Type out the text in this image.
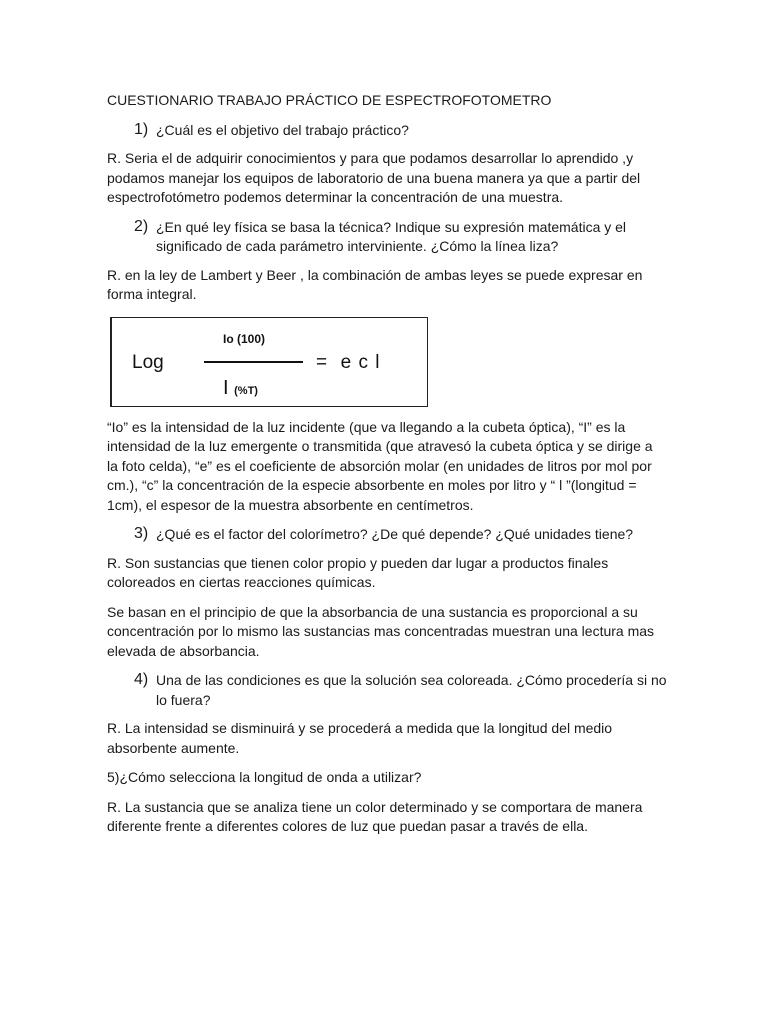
CUESTIONARIO TRABAJO PRÁCTICO DE ESPECTROFOTOMETRO

1) ¿Cuál es el objetivo del trabajo práctico?

R. Seria el de adquirir conocimientos y para que podamos desarrollar lo aprendido ,y podamos manejar los equipos de laboratorio de una buena manera ya que a partir del espectrofotómetro podemos determinar la concentración de una muestra.

2) ¿En qué ley física se basa la técnica? Indique su expresión matemática y el significado de cada parámetro interviniente. ¿Cómo la línea liza?

R. en la ley de Lambert y Beer , la combinación de ambas leyes se puede expresar en forma integral.

Log
Io (100)
I (%T)
=  e c l

“Io” es la intensidad de la luz incidente (que va llegando a la cubeta óptica), “I” es la intensidad de la luz emergente o transmitida (que atravesó la cubeta óptica y se dirige a la foto celda), “e” es el coeficiente de absorción molar (en unidades de litros por mol por cm.), “c” la concentración de la especie absorbente en moles por litro y “ l ”(longitud = 1cm), el espesor de la muestra absorbente en centímetros.

3) ¿Qué es el factor del colorímetro? ¿De qué depende? ¿Qué unidades tiene?

R. Son sustancias que tienen color propio y pueden dar lugar a productos finales coloreados en ciertas reacciones químicas.

Se basan en el principio de que la absorbancia de una sustancia es proporcional a su concentración por lo mismo las sustancias mas concentradas muestran una lectura mas elevada de absorbancia.

4) Una de las condiciones es que la solución sea coloreada. ¿Cómo procedería si no lo fuera?

R. La intensidad se disminuirá y se procederá a medida que la longitud del medio absorbente aumente.

5)¿Cómo selecciona la longitud de onda a utilizar?

R. La sustancia que se analiza tiene un color determinado y se comportara de manera diferente frente a diferentes colores de luz que puedan pasar a través de ella.
